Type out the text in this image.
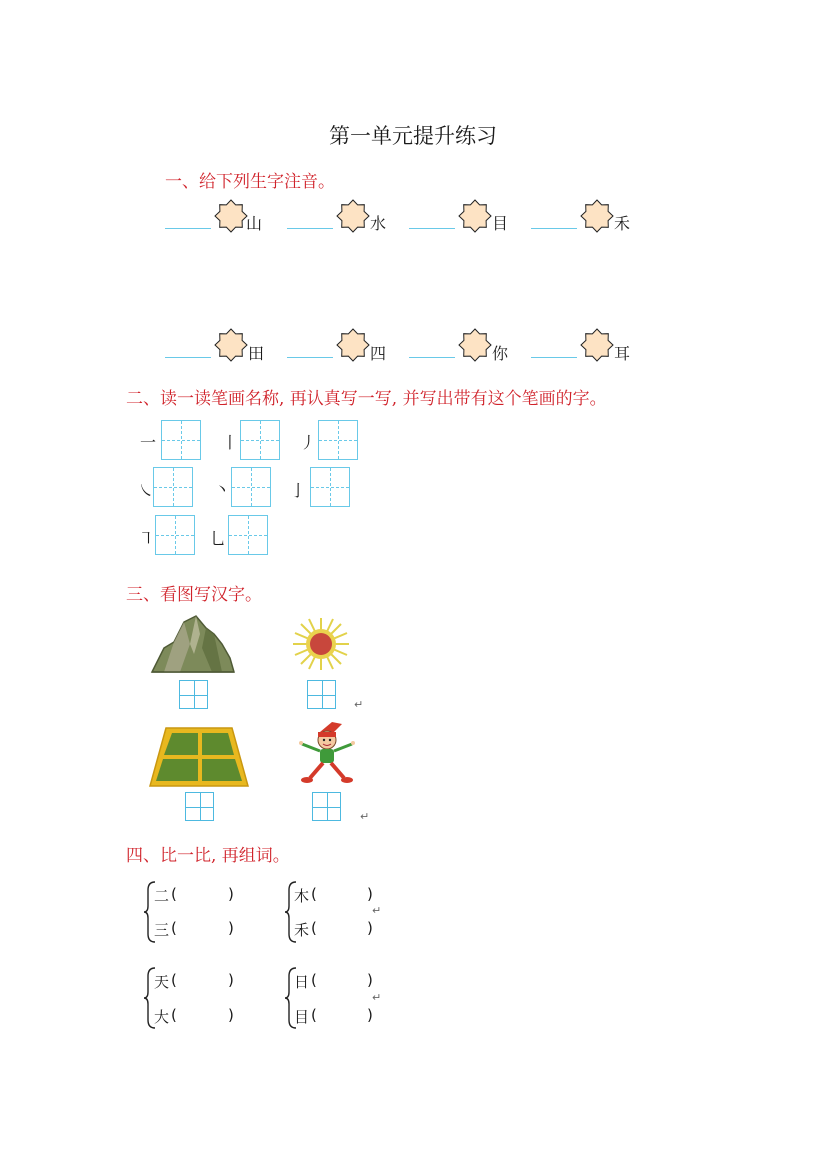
第一单元提升练习
一、给下列生字注音。
山	水	目	禾
田	四	你	耳
二、读一读笔画名称, 再认真写一写, 并写出带有这个笔画的字。
一	丨	丿
㇏	丶	亅
㇕	乚
三、看图写汉字。
↵
↵
四、比一比, 再组词。
二 (	)
三 (	)
木 (	)
禾 (	)
↵
天 (	)
大 (	)
日 (	)
目 (	)
↵
